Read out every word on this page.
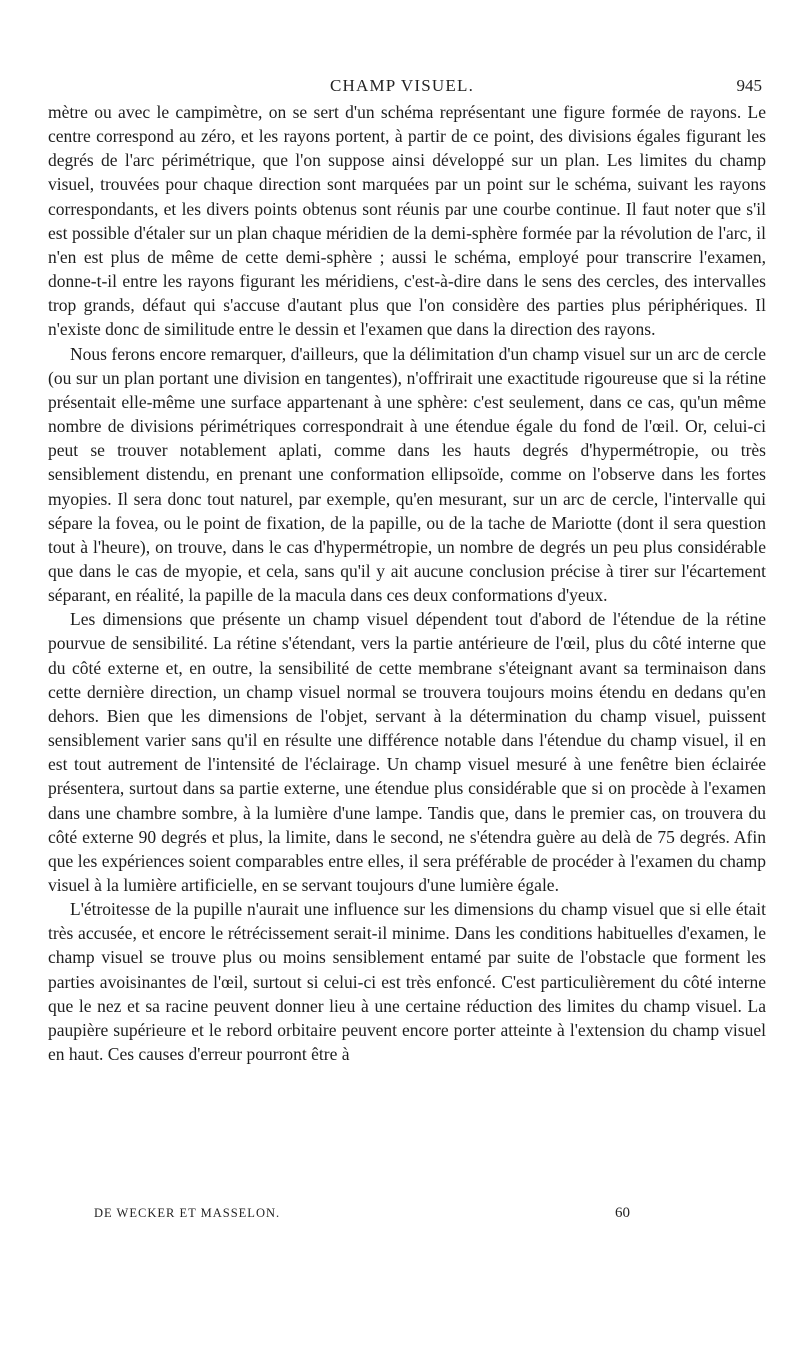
CHAMP VISUEL.	945

mètre ou avec le campimètre, on se sert d'un schéma représentant une figure formée de rayons. Le centre correspond au zéro, et les rayons portent, à partir de ce point, des divisions égales figurant les degrés de l'arc périmétrique, que l'on suppose ainsi développé sur un plan. Les limites du champ visuel, trouvées pour chaque direction sont marquées par un point sur le schéma, suivant les rayons correspondants, et les divers points obtenus sont réunis par une courbe continue. Il faut noter que s'il est possible d'étaler sur un plan chaque méridien de la demi-sphère formée par la révolution de l'arc, il n'en est plus de même de cette demi-sphère ; aussi le schéma, employé pour transcrire l'examen, donne-t-il entre les rayons figurant les méridiens, c'est-à-dire dans le sens des cercles, des intervalles trop grands, défaut qui s'accuse d'autant plus que l'on considère des parties plus périphériques. Il n'existe donc de similitude entre le dessin et l'examen que dans la direction des rayons.

Nous ferons encore remarquer, d'ailleurs, que la délimitation d'un champ visuel sur un arc de cercle (ou sur un plan portant une division en tangentes), n'offrirait une exactitude rigoureuse que si la rétine présentait elle-même une surface appartenant à une sphère: c'est seulement, dans ce cas, qu'un même nombre de divisions périmétriques correspondrait à une étendue égale du fond de l'œil. Or, celui-ci peut se trouver notablement aplati, comme dans les hauts degrés d'hypermétropie, ou très sensiblement distendu, en prenant une conformation ellipsoïde, comme on l'observe dans les fortes myopies. Il sera donc tout naturel, par exemple, qu'en mesurant, sur un arc de cercle, l'intervalle qui sépare la fovea, ou le point de fixation, de la papille, ou de la tache de Mariotte (dont il sera question tout à l'heure), on trouve, dans le cas d'hypermétropie, un nombre de degrés un peu plus considérable que dans le cas de myopie, et cela, sans qu'il y ait aucune conclusion précise à tirer sur l'écartement séparant, en réalité, la papille de la macula dans ces deux conformations d'yeux.

Les dimensions que présente un champ visuel dépendent tout d'abord de l'étendue de la rétine pourvue de sensibilité. La rétine s'étendant, vers la partie antérieure de l'œil, plus du côté interne que du côté externe et, en outre, la sensibilité de cette membrane s'éteignant avant sa terminaison dans cette dernière direction, un champ visuel normal se trouvera toujours moins étendu en dedans qu'en dehors. Bien que les dimensions de l'objet, servant à la détermination du champ visuel, puissent sensiblement varier sans qu'il en résulte une différence notable dans l'étendue du champ visuel, il en est tout autrement de l'intensité de l'éclairage. Un champ visuel mesuré à une fenêtre bien éclairée présentera, surtout dans sa partie externe, une étendue plus considérable que si on procède à l'examen dans une chambre sombre, à la lumière d'une lampe. Tandis que, dans le premier cas, on trouvera du côté externe 90 degrés et plus, la limite, dans le second, ne s'étendra guère au delà de 75 degrés. Afin que les expériences soient comparables entre elles, il sera préférable de procéder à l'examen du champ visuel à la lumière artificielle, en se servant toujours d'une lumière égale.

L'étroitesse de la pupille n'aurait une influence sur les dimensions du champ visuel que si elle était très accusée, et encore le rétrécissement serait-il minime. Dans les conditions habituelles d'examen, le champ visuel se trouve plus ou moins sensiblement entamé par suite de l'obstacle que forment les parties avoisinantes de l'œil, surtout si celui-ci est très enfoncé. C'est particulièrement du côté interne que le nez et sa racine peuvent donner lieu à une certaine réduction des limites du champ visuel. La paupière supérieure et le rebord orbitaire peuvent encore porter atteinte à l'extension du champ visuel en haut. Ces causes d'erreur pourront être à

DE WECKER ET MASSELON.	60
